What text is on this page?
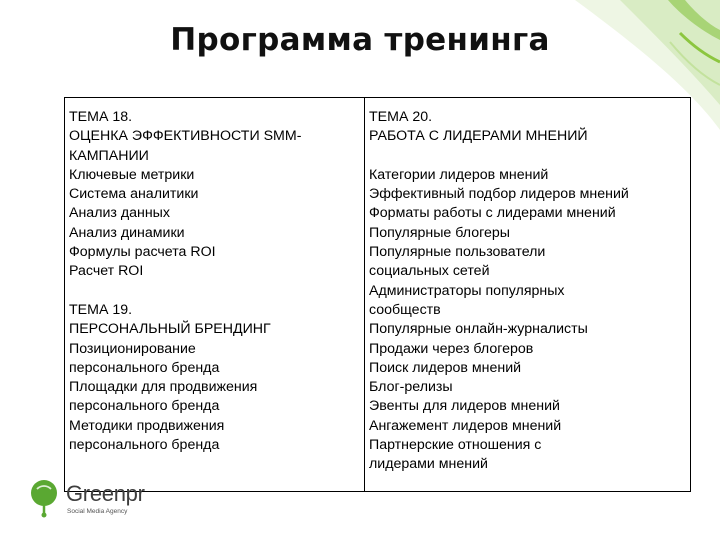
Программа тренинга
ТЕМА 18.
ОЦЕНКА ЭФФЕКТИВНОСТИ SMM-
КАМПАНИИ
Ключевые метрики
Система аналитики
Анализ данных
Анализ динамики
Формулы расчета ROI
Расчет ROI
ТЕМА 19.
ПЕРСОНАЛЬНЫЙ БРЕНДИНГ
Позиционирование
персонального бренда
Площадки для продвижения
персонального бренда
Методики продвижения
персонального бренда
ТЕМА 20.
РАБОТА С ЛИДЕРАМИ МНЕНИЙ
Категории лидеров мнений
Эффективный подбор лидеров мнений
Форматы работы с лидерами мнений
Популярные блогеры
Популярные пользователи
социальных сетей
Администраторы популярных
сообществ
Популярные онлайн-журналисты
Продажи через блогеров
Поиск лидеров мнений
Блог-релизы
Эвенты для лидеров мнений
Ангажемент лидеров мнений
Партнерские отношения с
лидерами мнений
Greenpr
Social Media Agency
